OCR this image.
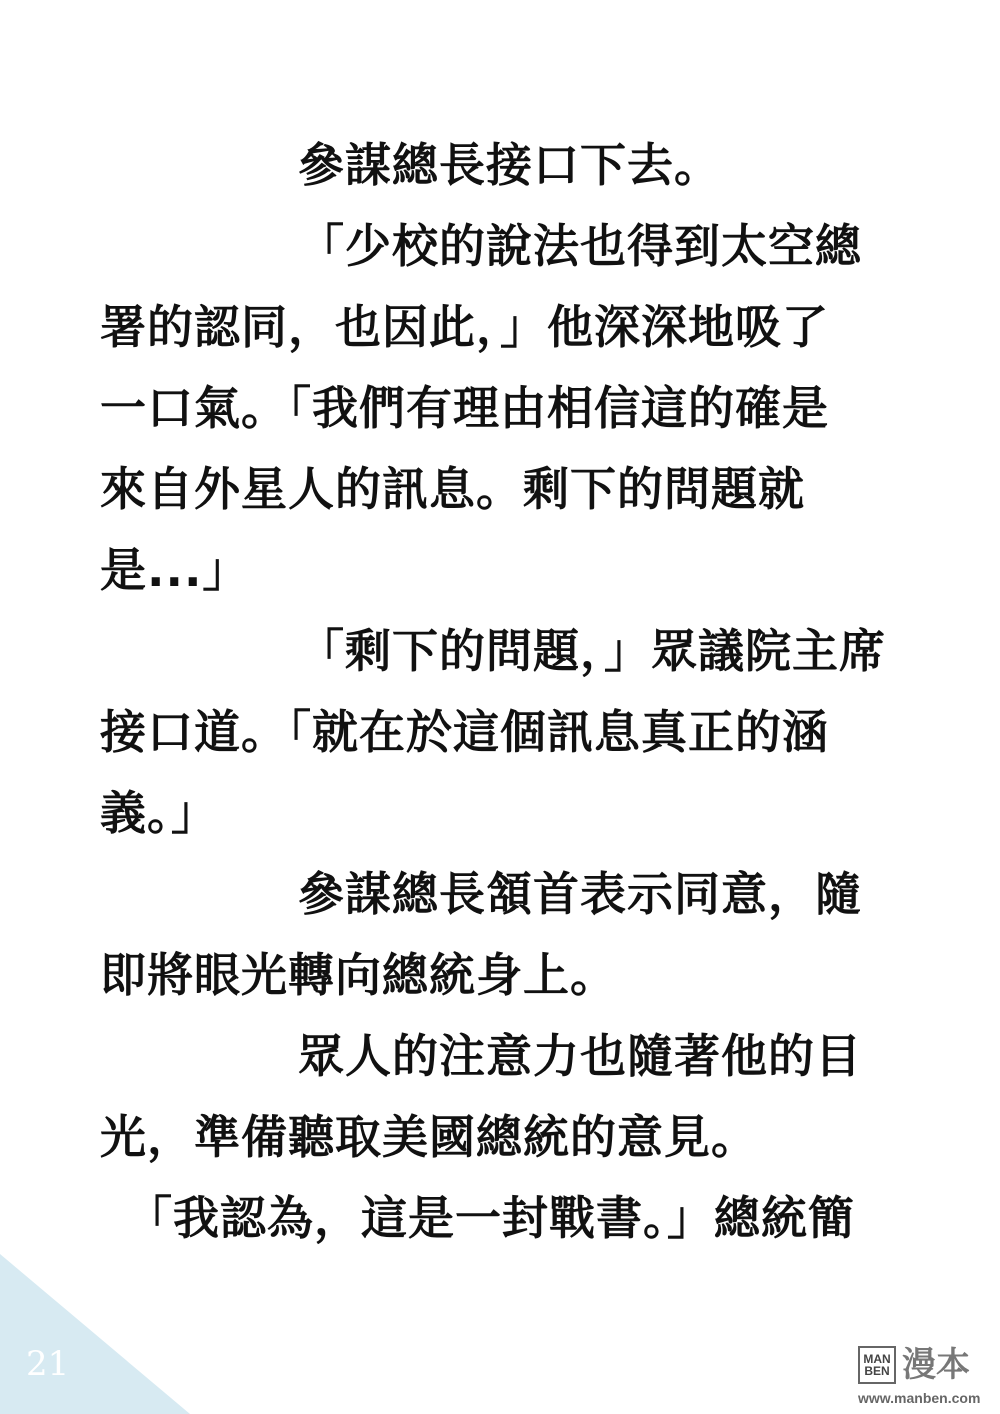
參謀總長接口下去。
「少校的說法也得到太空總
署的認同，也因此，」他深深地吸了
一口氣。「我們有理由相信這的確是
來自外星人的訊息。剩下的問題就
是...」
「剩下的問題，」眾議院主席
接口道。「就在於這個訊息真正的涵
義。」
參謀總長頷首表示同意，隨
即將眼光轉向總統身上。
眾人的注意力也隨著他的目
光，準備聽取美國總統的意見。
「我認為，這是一封戰書。」總統簡
21	MAN
BEN 漫本
www.manben.com
